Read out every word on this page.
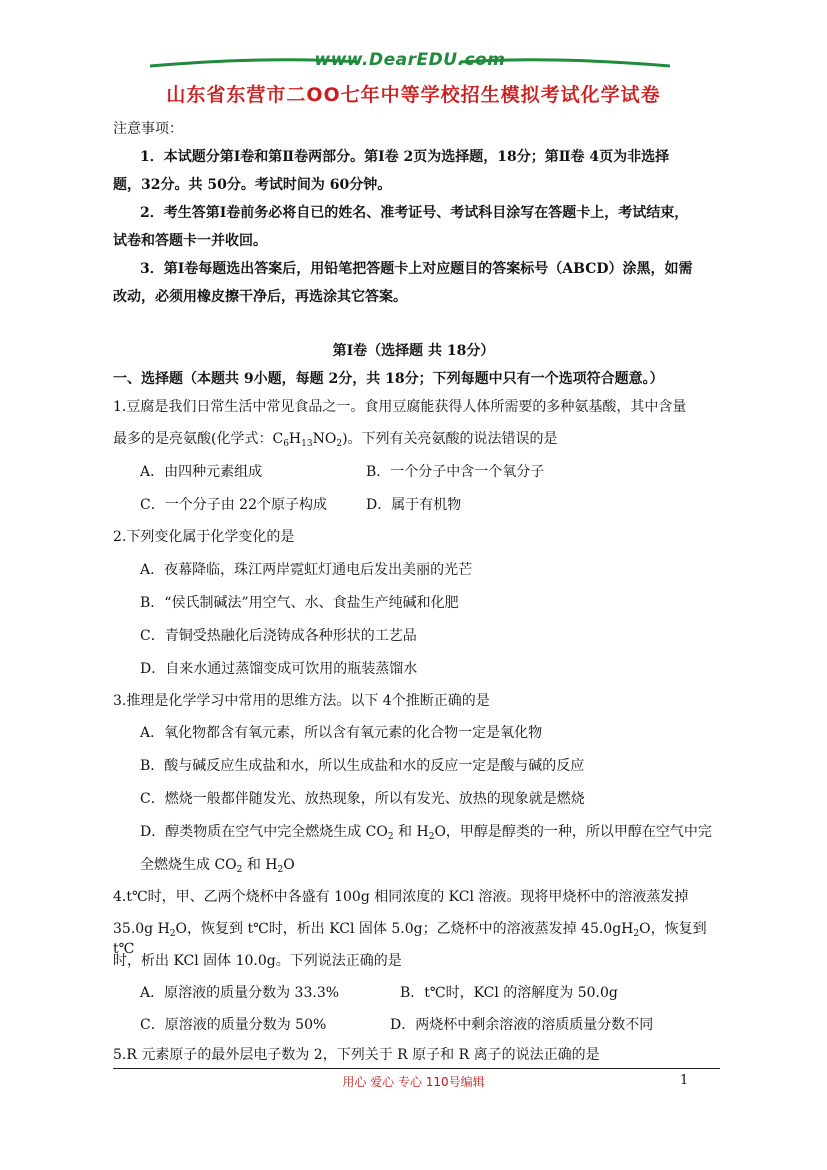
www.DearEDU.com
山东省东营市二OO七年中等学校招生模拟考试化学试卷
注意事项：
1．本试题分第Ⅰ卷和第Ⅱ卷两部分。第Ⅰ卷 2页为选择题，18分；第Ⅱ卷 4页为非选择
题，32分。共 50分。考试时间为 60分钟。
2．考生答第Ⅰ卷前务必将自已的姓名、准考证号、考试科目涂写在答题卡上，考试结束，
试卷和答题卡一并收回。
3．第Ⅰ卷每题选出答案后，用铅笔把答题卡上对应题目的答案标号（ABCD）涂黑，如需
改动，必须用橡皮擦干净后，再选涂其它答案。
第Ⅰ卷（选择题 共 18分）
一、选择题（本题共 9小题，每题 2分，共 18分；下列每题中只有一个选项符合题意。）
1.豆腐是我们日常生活中常见食品之一。食用豆腐能获得人体所需要的多种氨基酸，其中含量
最多的是亮氨酸(化学式：$C_6H_{13}NO_2$)。下列有关亮氨酸的说法错误的是
A．由四种元素组成	B．一个分子中含一个氧分子
C．一个分子由 22个原子构成	D．属于有机物
2.下列变化属于化学变化的是
A．夜幕降临，珠江两岸霓虹灯通电后发出美丽的光芒
B．“侯氏制碱法”用空气、水、食盐生产纯碱和化肥
C．青铜受热融化后浇铸成各种形状的工艺品
D．自来水通过蒸馏变成可饮用的瓶装蒸馏水
3.推理是化学学习中常用的思维方法。以下 4个推断正确的是
A．氧化物都含有氧元素，所以含有氧元素的化合物一定是氧化物
B．酸与碱反应生成盐和水，所以生成盐和水的反应一定是酸与碱的反应
C．燃烧一般都伴随发光、放热现象，所以有发光、放热的现象就是燃烧
D．醇类物质在空气中完全燃烧生成 $CO_2$ 和 $H_2O$，甲醇是醇类的一种，所以甲醇在空气中完
全燃烧生成 $CO_2$ 和 $H_2O$
4.t℃时，甲、乙两个烧杯中各盛有 100g 相同浓度的 KCl 溶液。现将甲烧杯中的溶液蒸发掉
35.0g $H_2O$，恢复到 t℃时，析出 KCl 固体 5.0g；乙烧杯中的溶液蒸发掉 $45.0gH_2O$，恢复到 t℃
时，析出 KCl 固体 10.0g。下列说法正确的是
A．原溶液的质量分数为 33.3%	B．t℃时，KCl 的溶解度为 50.0g
C．原溶液的质量分数为 50%	D．两烧杯中剩余溶液的溶质质量分数不同
5.R 元素原子的最外层电子数为 2，下列关于 R 原子和 R 离子的说法正确的是
用心 爱心 专心 110号编辑	1
